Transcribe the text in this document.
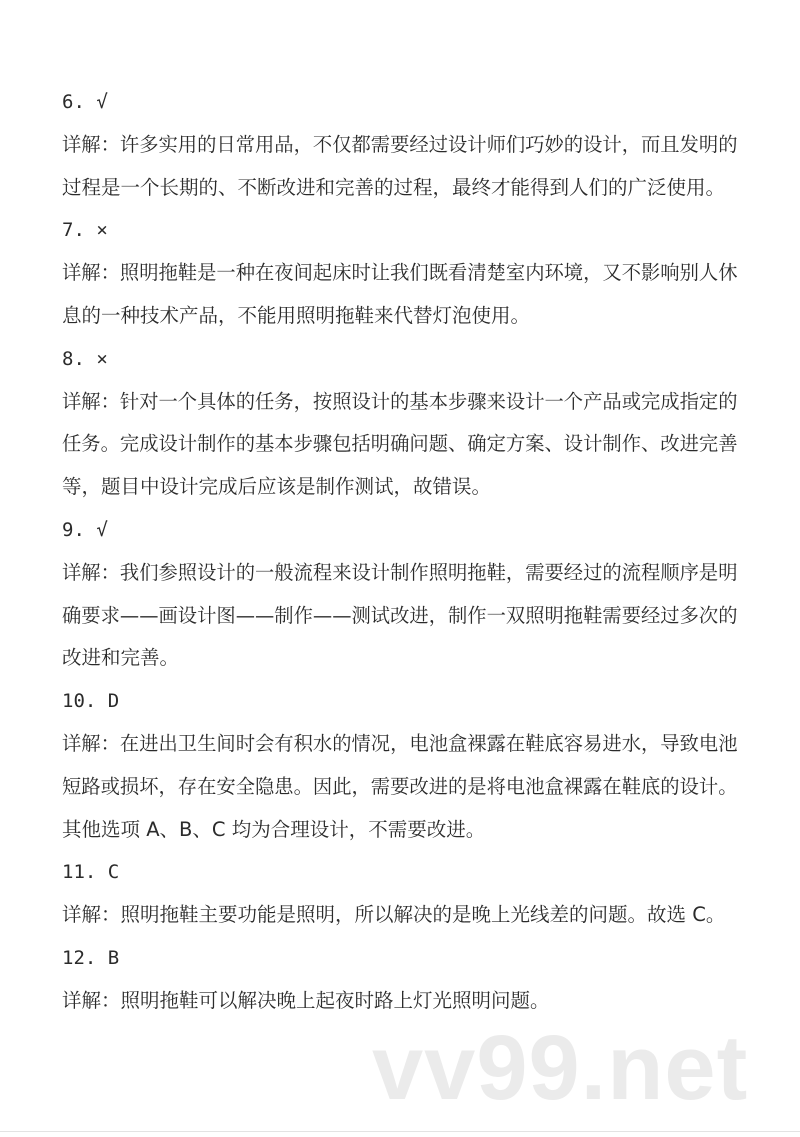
6. √
详解：许多实用的日常用品，不仅都需要经过设计师们巧妙的设计，而且发明的
过程是一个长期的、不断改进和完善的过程，最终才能得到人们的广泛使用。
7. ×
详解：照明拖鞋是一种在夜间起床时让我们既看清楚室内环境，又不影响别人休
息的一种技术产品，不能用照明拖鞋来代替灯泡使用。
8. ×
详解：针对一个具体的任务，按照设计的基本步骤来设计一个产品或完成指定的
任务。完成设计制作的基本步骤包括明确问题、确定方案、设计制作、改进完善
等，题目中设计完成后应该是制作测试，故错误。
9. √
详解：我们参照设计的一般流程来设计制作照明拖鞋，需要经过的流程顺序是明
确要求——画设计图——制作——测试改进，制作一双照明拖鞋需要经过多次的
改进和完善。
10. D
详解：在进出卫生间时会有积水的情况，电池盒裸露在鞋底容易进水，导致电池
短路或损坏，存在安全隐患。因此，需要改进的是将电池盒裸露在鞋底的设计。
其他选项 A、B、C 均为合理设计，不需要改进。
11. C
详解：照明拖鞋主要功能是照明，所以解决的是晚上光线差的问题。故选 C。
12. B
详解：照明拖鞋可以解决晚上起夜时路上灯光照明问题。
vv99.net
